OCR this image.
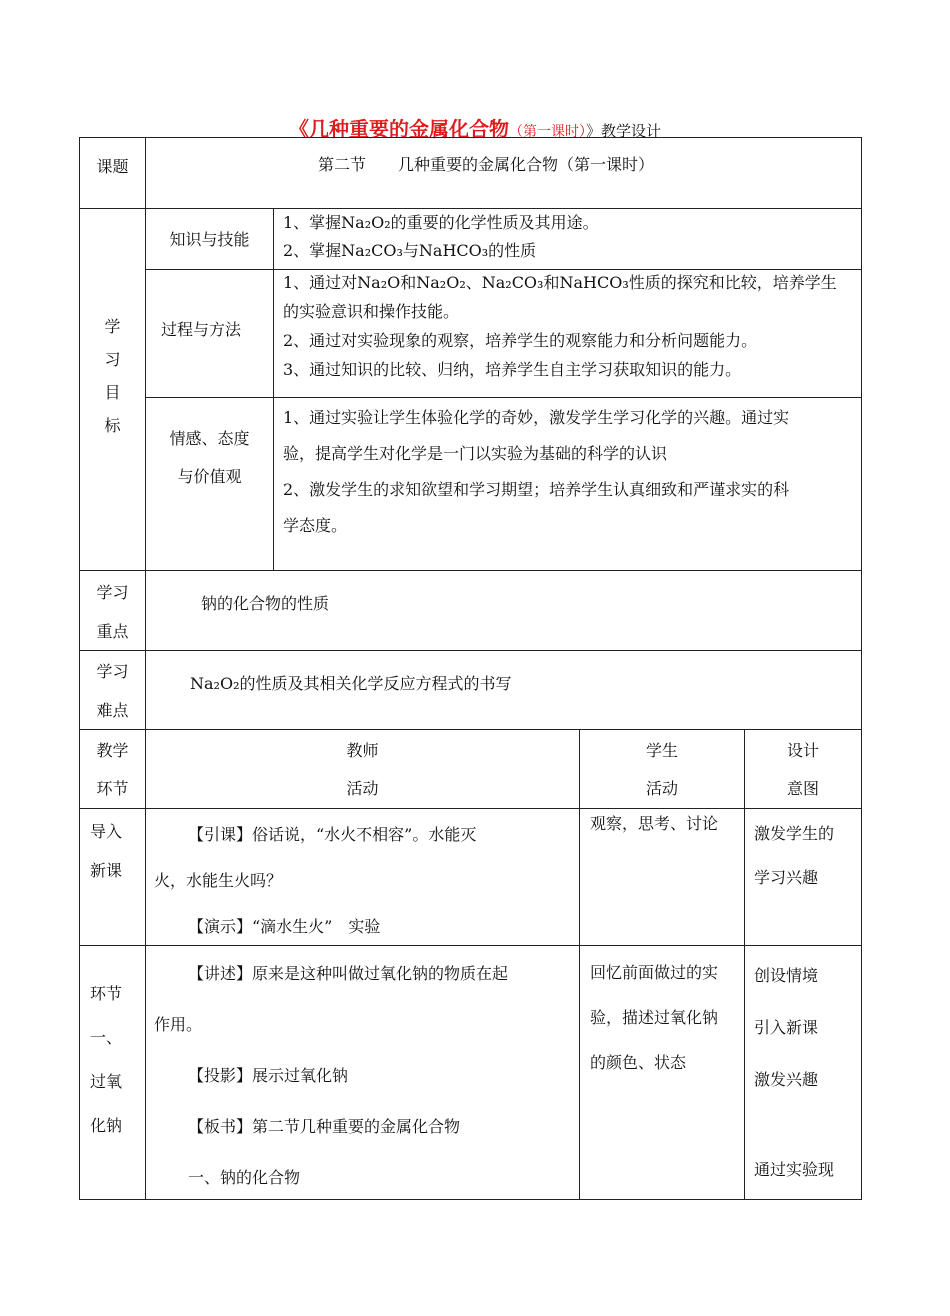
《几种重要的金属化合物（第一课时）》教学设计
课题	第二节　　几种重要的金属化合物（第一课时）
学
习
目
标
知识与技能
1、掌握Na₂O₂的重要的化学性质及其用途。
2、掌握Na₂CO₃与NaHCO₃的性质
过程与方法
1、通过对Na₂O和Na₂O₂、Na₂CO₃和NaHCO₃性质的探究和比较，培养学生
的实验意识和操作技能。
2、通过对实验现象的观察，培养学生的观察能力和分析问题能力。
3、通过知识的比较、归纳，培养学生自主学习获取知识的能力。
情感、态度
与价值观
1、通过实验让学生体验化学的奇妙，激发学生学习化学的兴趣。通过实
验，提高学生对化学是一门以实验为基础的科学的认识
2、激发学生的求知欲望和学习期望；培养学生认真细致和严谨求实的科
学态度。
学习
重点
钠的化合物的性质
学习
难点
Na₂O₂的性质及其相关化学反应方程式的书写
教学
环节
教师
活动
学生
活动
设计
意图
导入
新课
【引课】俗话说，“水火不相容”。水能灭
火，水能生火吗？
【演示】“滴水生火”　实验
观察，思考、讨论
激发学生的
学习兴趣
环节
一、
过氧
化钠
【讲述】原来是这种叫做过氧化钠的物质在起
作用。
【投影】展示过氧化钠
【板书】第二节几种重要的金属化合物
一、钠的化合物
回忆前面做过的实
验，描述过氧化钠
的颜色、状态
创设情境
引入新课
激发兴趣
通过实验现
